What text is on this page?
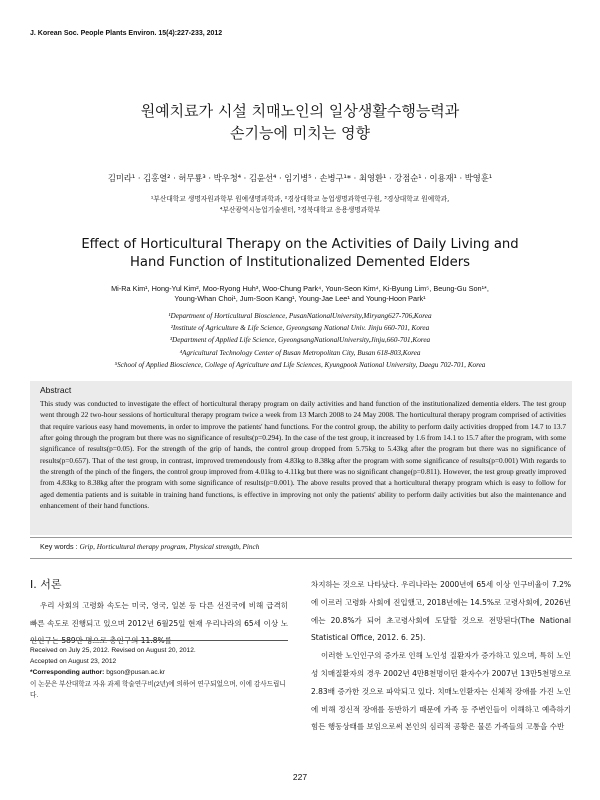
J. Korean Soc. People Plants Environ. 15(4):227-233, 2012
원예치료가 시설 치매노인의 일상생활수행능력과
손기능에 미치는 영향
김미라¹ · 김홍열² · 허무룡³ · 박우청⁴ · 김윤선⁴ · 임기병⁵ · 손병구¹* · 최영환¹ · 강점순¹ · 이용재¹ · 박영훈¹
¹부산대학교 생명자원과학부 원예생명과학과, ²경상대학교 농업생명과학연구원, ³경상대학교 원예학과,
⁴부산광역시농업기술센터, ⁵경북대학교 응용생명과학부
Effect of Horticultural Therapy on the Activities of Daily Living and
Hand Function of Institutionalized Demented Elders
Mi-Ra Kim¹, Hong-Yul Kim², Moo-Ryong Huh³, Woo-Chung Park⁴, Youn-Seon Kim⁴, Ki-Byung Lim⁵, Beung-Gu Son¹*,
Young-Whan Choi¹, Jum-Soon Kang¹, Young-Jae Lee¹ and Young-Hoon Park¹
¹Department of Horticultural Bioscience, PusanNationalUniversity,Miryang627-706,Korea
²Institute of Agriculture & Life Science, Gyeongsang National Univ. Jinju 660-701, Korea
³Department of Applied Life Science, GyeongsangNationalUniversity,Jinju,660-701,Korea
⁴Agricultural Technology Center of Busan Metropolitan City, Busan 618-803,Korea
⁵School of Applied Bioscience, College of Agriculture and Life Sciences, Kyungpook National University, Daegu 702-701, Korea
Abstract
This study was conducted to investigate the effect of horticultural therapy program on daily activities and hand function of the institutionalized dementia elders. The test group went through 22 two-hour sessions of horticultural therapy program twice a week from 13 March 2008 to 24 May 2008. The horticultural therapy program comprised of activities that require various easy hand movements, in order to improve the patients' hand functions. For the control group, the ability to perform daily activities dropped from 14.7 to 13.7 after going through the program but there was no significance of results(p=0.294). In the case of the test group, it increased by 1.6 from 14.1 to 15.7 after the program, with some significance of results(p=0.05). For the strength of the grip of hands, the control group dropped from 5.75kg to 5.43kg after the program but there was no significance of results(p=0.657). That of the test group, in contrast, improved tremendously from 4.83kg to 8.38kg after the program with some significance of results(p=0.001) With regards to the strength of the pinch of the fingers, the control group improved from 4.01kg to 4.11kg but there was no significant change(p=0.811). However, the test group greatly improved from 4.83kg to 8.38kg after the program with some significance of results(p=0.001). The above results proved that a horticultural therapy program which is easy to follow for aged dementia patients and is suitable in training hand functions, is effective in improving not only the patients' ability to perform daily activities but also the maintenance and enhancement of their hand functions.
Key words : Grip, Horticultural therapy program, Physical strength, Pinch
Ⅰ. 서론
우리 사회의 고령화 속도는 미국, 영국, 일본 등 다른 선진국에 비해 급격히 빠른 속도로 진행되고 있으며 2012년 6월25일 현재 우리나라의 65세 이상 노인인구는 589만 명으로 총인구의 11.8%를
Received on July 25, 2012. Revised on August 20, 2012.
Accepted on August 23, 2012
*Corresponding author: bgson@pusan.ac.kr
이 논문은 부산대학교 자유 과제 학술연구비(2년)에 의하여 연구되었으며, 이에 감사드립니다.

차지하는 것으로 나타났다. 우리나라는 2000년에 65세 이상 인구비율이 7.2%에 이르러 고령화 사회에 진입했고, 2018년에는 14.5%로 고령사회에, 2026년에는 20.8%가 되어 초고령사회에 도달할 것으로 전망된다(The National Statistical Office, 2012. 6. 25).

이러한 노인인구의 증가로 인해 노인성 질환자가 증가하고 있으며, 특히 노인성 치매질환자의 경우 2002년 4만8천명이던 환자수가 2007년 13만5천명으로 2.83배 증가한 것으로 파악되고 있다. 치매노인환자는 신체적 장애를 가진 노인에 비해 정신적 장애를 동반하기 때문에 가족 등 주변인들이 이해하고 예측하기 힘든 행동상태를 보임으로써 본인의 심리적 공황은 물론 가족들의 고통을 수반

227
